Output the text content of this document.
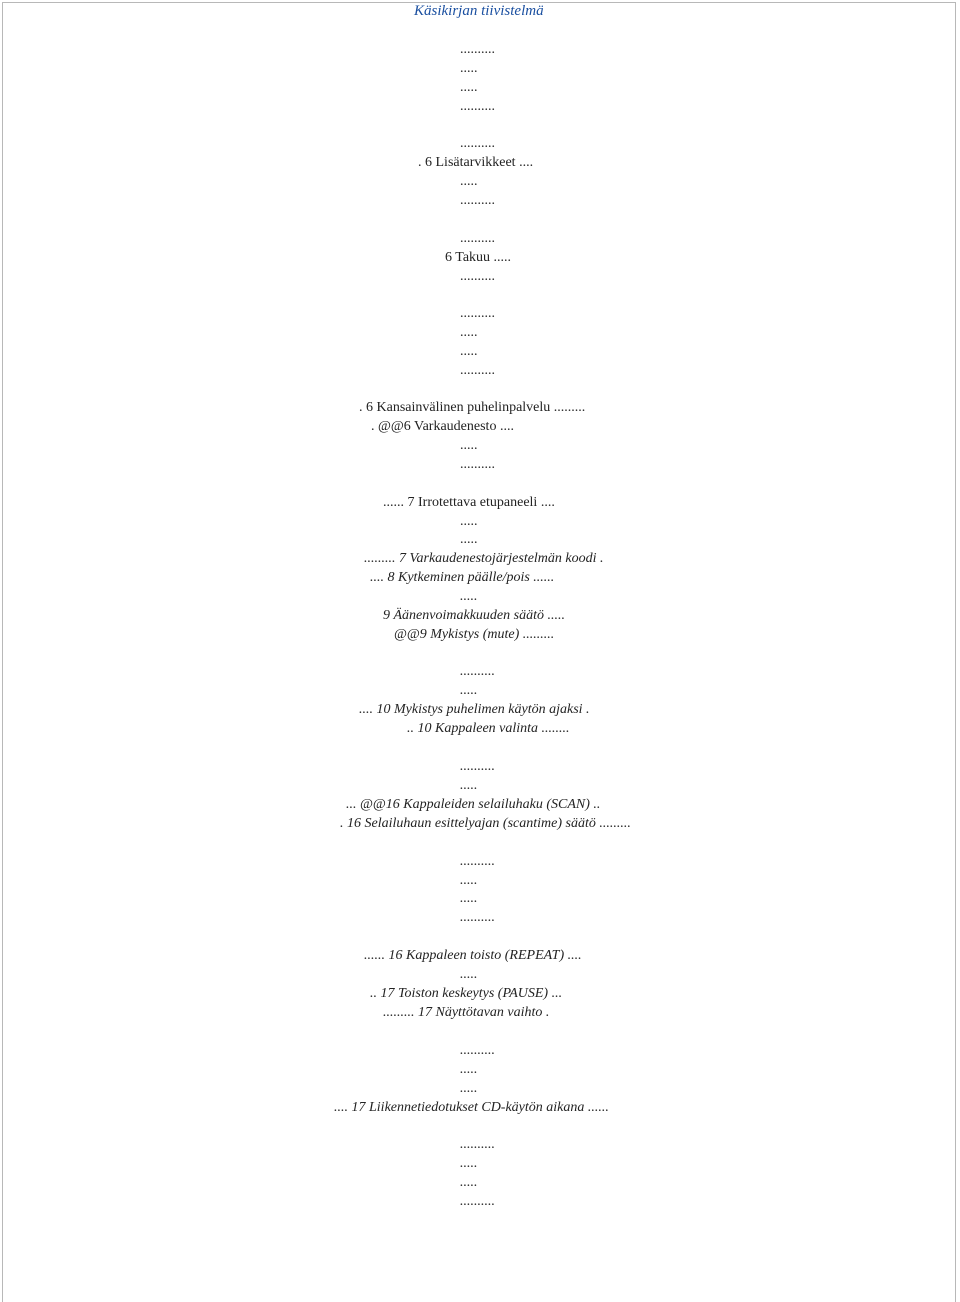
Käsikirjan tiivistelmä
..........
.....
.....
..........
..........
. 6 Lisätarvikkeet ....
.....
..........
..........
6 Takuu .....
..........
..........
.....
.....
..........
. 6 Kansainvälinen puhelinpalvelu .........
. @@6 Varkaudenesto ....
.....
..........
...... 7 Irrotettava etupaneeli ....
.....
.....
......... 7 Varkaudenestojärjestelmän koodi .
.... 8 Kytkeminen päälle/pois ......
.....
9 Äänenvoimakkuuden säätö .....
@@9 Mykistys (mute) .........
..........
.....
.... 10 Mykistys puhelimen käytön ajaksi .
.. 10 Kappaleen valinta ........
..........
.....
... @@16 Kappaleiden selailuhaku (SCAN) ..
. 16 Selailuhaun esittelyajan (scantime) säätö .........
..........
.....
.....
..........
...... 16 Kappaleen toisto (REPEAT) ....
.....
.. 17 Toiston keskeytys (PAUSE) ...
......... 17 Näyttötavan vaihto .
..........
.....
.....
.... 17 Liikennetiedotukset CD-käytön aikana ......
..........
.....
.....
..........
